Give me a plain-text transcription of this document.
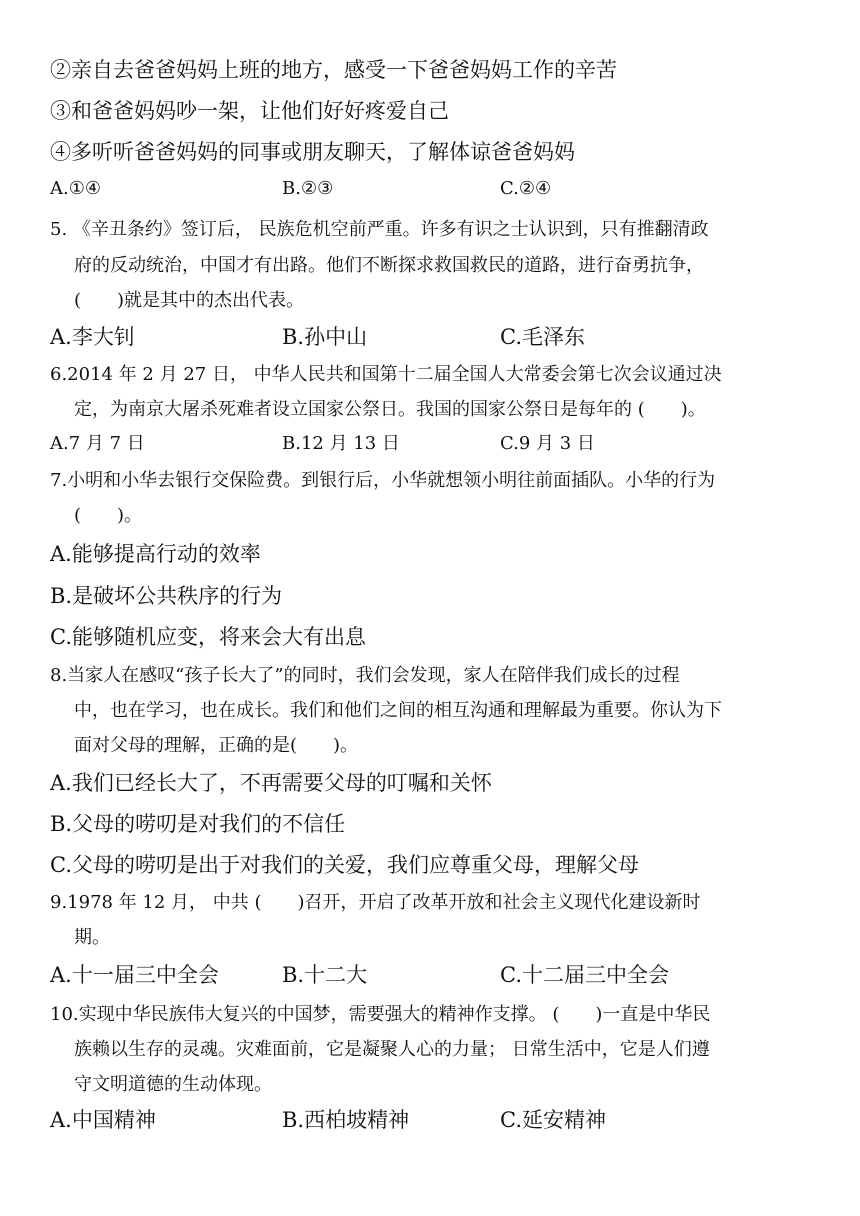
②亲自去爸爸妈妈上班的地方，感受一下爸爸妈妈工作的辛苦
③和爸爸妈妈吵一架，让他们好好疼爱自己
④多听听爸爸妈妈的同事或朋友聊天，了解体谅爸爸妈妈
A.①④	B.②③	C.②④
5. 《辛丑条约》签订后， 民族危机空前严重。许多有识之士认识到，只有推翻清政
府的反动统治，中国才有出路。他们不断探求救国救民的道路，进行奋勇抗争，
(　　)就是其中的杰出代表。
A.李大钊	B.孙中山	C.毛泽东
6.2014 年 2 月 27 日， 中华人民共和国第十二届全国人大常委会第七次会议通过决
定，为南京大屠杀死难者设立国家公祭日。我国的国家公祭日是每年的 (　　)。
A.7 月 7 日	B.12 月 13 日	C.9 月 3 日
7.小明和小华去银行交保险费。到银行后，小华就想领小明往前面插队。小华的行为
(　　)。
A.能够提高行动的效率
B.是破坏公共秩序的行为
C.能够随机应变，将来会大有出息
8.当家人在感叹“孩子长大了”的同时，我们会发现，家人在陪伴我们成长的过程
中，也在学习，也在成长。我们和他们之间的相互沟通和理解最为重要。你认为下
面对父母的理解，正确的是(　　)。
A.我们已经长大了，不再需要父母的叮嘱和关怀
B.父母的唠叨是对我们的不信任
C.父母的唠叨是出于对我们的关爱，我们应尊重父母，理解父母
9.1978 年 12 月， 中共 (　　)召开，开启了改革开放和社会主义现代化建设新时
期。
A.十一届三中全会	B.十二大	C.十二届三中全会
10.实现中华民族伟大复兴的中国梦，需要强大的精神作支撑。 (　　)一直是中华民
族赖以生存的灵魂。灾难面前，它是凝聚人心的力量； 日常生活中，它是人们遵
守文明道德的生动体现。
A.中国精神	B.西柏坡精神	C.延安精神
